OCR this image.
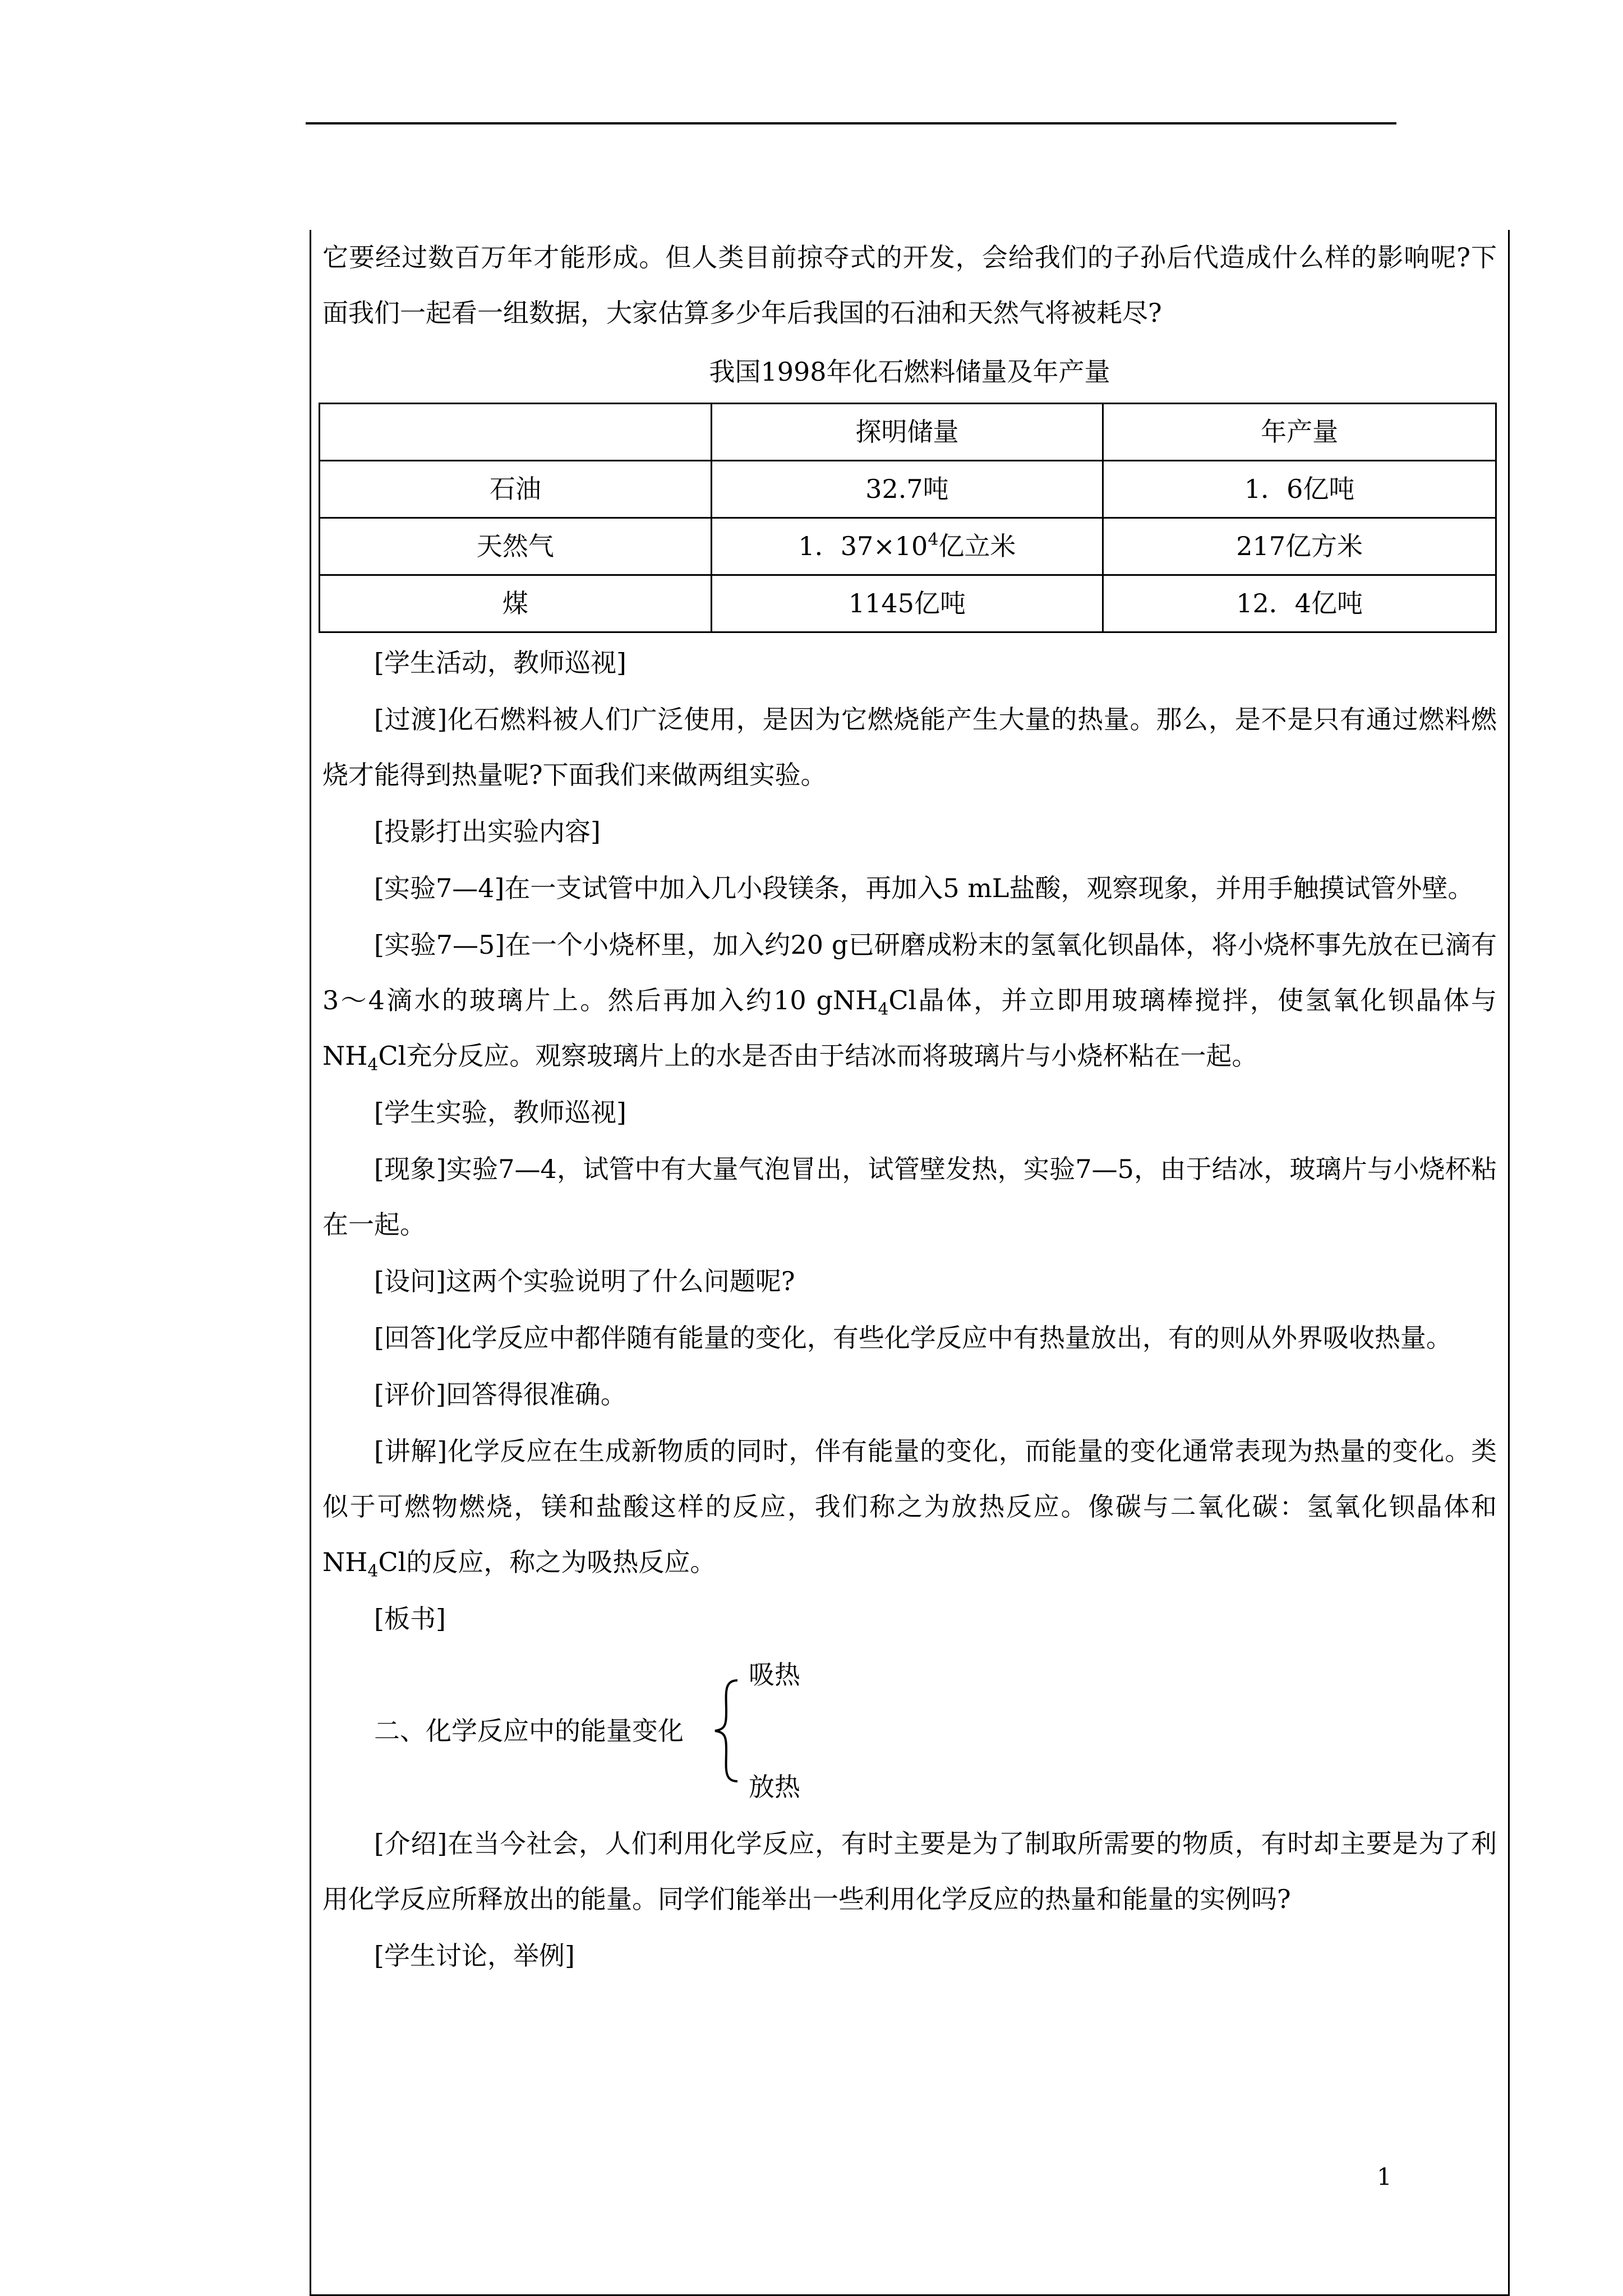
它要经过数百万年才能形成。但人类目前掠夺式的开发，会给我们的子孙后代造成什么样的影响呢?下面我们一起看一组数据，大家估算多少年后我国的石油和天然气将被耗尽?

我国1998年化石燃料储量及年产量

	探明储量	年产量
石油	32.7吨	1．6亿吨
天然气	1．$37\times 10^4$亿立米	217亿方米
煤	1145亿吨	12．4亿吨

[学生活动，教师巡视]

[过渡]化石燃料被人们广泛使用，是因为它燃烧能产生大量的热量。那么，是不是只有通过燃料燃烧才能得到热量呢?下面我们来做两组实验。

[投影打出实验内容]

[实验7—4]在一支试管中加入几小段镁条，再加入5 mL盐酸，观察现象，并用手触摸试管外壁。

[实验7—5]在一个小烧杯里，加入约20 g已研磨成粉末的氢氧化钡晶体，将小烧杯事先放在已滴有3～4滴水的玻璃片上。然后再加入约10 gNH$_4$Cl晶体，并立即用玻璃棒搅拌，使氢氧化钡晶体与$NH_4Cl$充分反应。观察玻璃片上的水是否由于结冰而将玻璃片与小烧杯粘在一起。

[学生实验，教师巡视]

[现象]实验7—4，试管中有大量气泡冒出，试管壁发热，实验7—5，由于结冰，玻璃片与小烧杯粘在一起。

[设问]这两个实验说明了什么问题呢?

[回答]化学反应中都伴随有能量的变化，有些化学反应中有热量放出，有的则从外界吸收热量。

[评价]回答得很准确。

[讲解]化学反应在生成新物质的同时，伴有能量的变化，而能量的变化通常表现为热量的变化。类似于可燃物燃烧，镁和盐酸这样的反应，我们称之为放热反应。像碳与二氧化碳：氢氧化钡晶体和$NH_4Cl$的反应，称之为吸热反应。

[板书]

吸热
二、化学反应中的能量变化
放热

[介绍]在当今社会，人们利用化学反应，有时主要是为了制取所需要的物质，有时却主要是为了利用化学反应所释放出的能量。同学们能举出一些利用化学反应的热量和能量的实例吗?

[学生讨论，举例]

1
